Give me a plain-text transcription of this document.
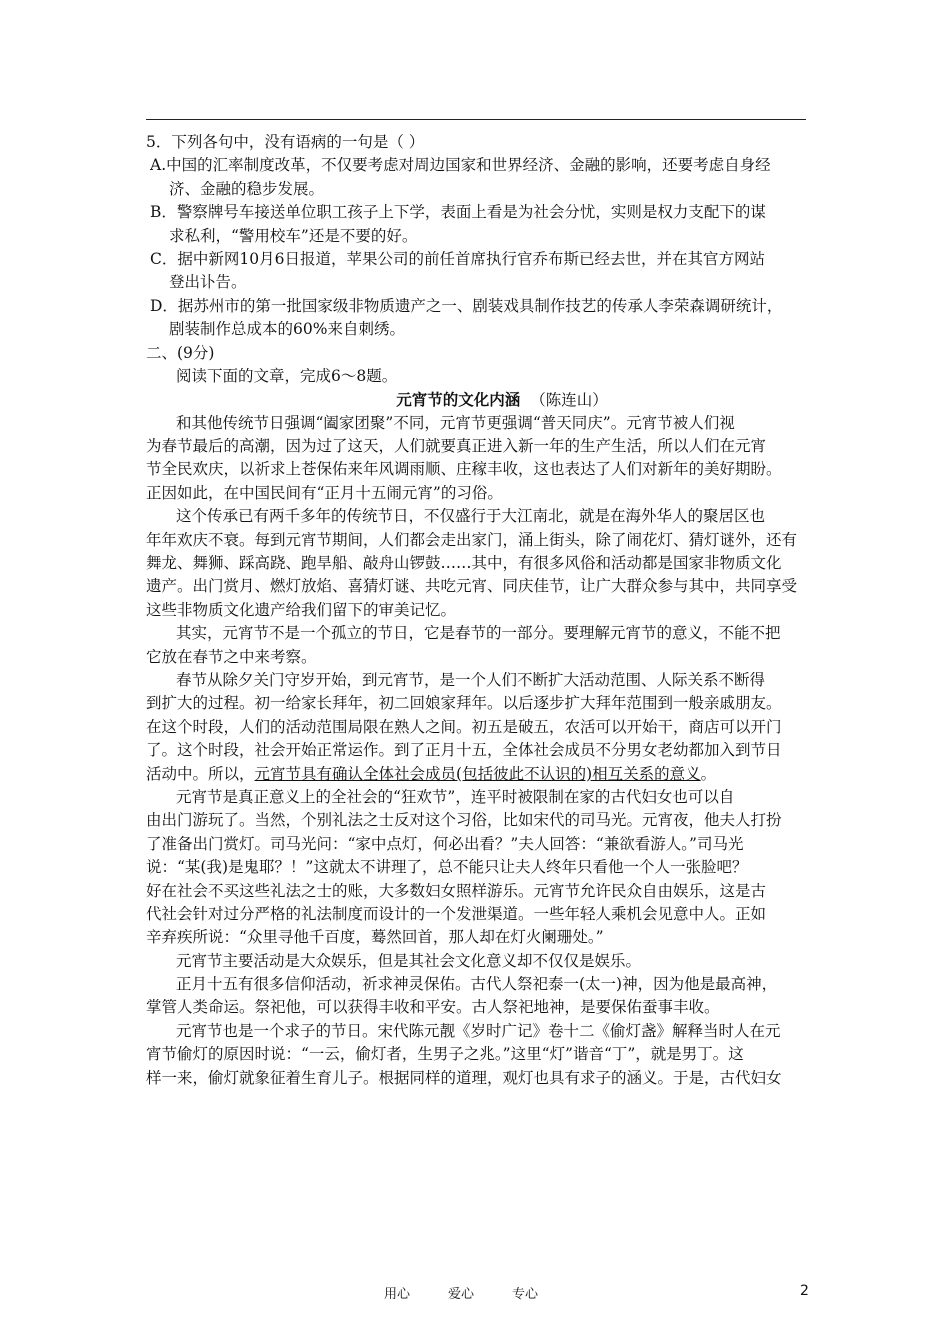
5．下列各句中，没有语病的一句是（ ）
A.中国的汇率制度改革，不仅要考虑对周边国家和世界经济、金融的影响，还要考虑自身经
济、金融的稳步发展。
B．警察牌号车接送单位职工孩子上下学，表面上看是为社会分忧，实则是权力支配下的谋
求私利，“警用校车”还是不要的好。
C．据中新网10月6日报道，苹果公司的前任首席执行官乔布斯已经去世，并在其官方网站
登出讣告。
D．据苏州市的第一批国家级非物质遗产之一、剧装戏具制作技艺的传承人李荣森调研统计，
剧装制作总成本的60%来自刺绣。
二、(9分)
阅读下面的文章，完成6～8题。
元宵节的文化内涵 （陈连山）
和其他传统节日强调“阖家团聚”不同，元宵节更强调“普天同庆”。元宵节被人们视
为春节最后的高潮，因为过了这天，人们就要真正进入新一年的生产生活，所以人们在元宵
节全民欢庆，以祈求上苍保佑来年风调雨顺、庄稼丰收，这也表达了人们对新年的美好期盼。
正因如此，在中国民间有“正月十五闹元宵”的习俗。
这个传承已有两千多年的传统节日，不仅盛行于大江南北，就是在海外华人的聚居区也
年年欢庆不衰。每到元宵节期间，人们都会走出家门，涌上街头，除了闹花灯、猜灯谜外，还有
舞龙、舞狮、踩高跷、跑旱船、敲舟山锣鼓……其中，有很多风俗和活动都是国家非物质文化
遗产。出门赏月、燃灯放焰、喜猜灯谜、共吃元宵、同庆佳节，让广大群众参与其中，共同享受
这些非物质文化遗产给我们留下的审美记忆。
其实，元宵节不是一个孤立的节日，它是春节的一部分。要理解元宵节的意义，不能不把
它放在春节之中来考察。
春节从除夕关门守岁开始，到元宵节，是一个人们不断扩大活动范围、人际关系不断得
到扩大的过程。初一给家长拜年，初二回娘家拜年。以后逐步扩大拜年范围到一般亲戚朋友。
在这个时段，人们的活动范围局限在熟人之间。初五是破五，农活可以开始干，商店可以开门
了。这个时段，社会开始正常运作。到了正月十五，全体社会成员不分男女老幼都加入到节日
活动中。所以，元宵节具有确认全体社会成员(包括彼此不认识的)相互关系的意义。
元宵节是真正意义上的全社会的“狂欢节”，连平时被限制在家的古代妇女也可以自
由出门游玩了。当然，个别礼法之士反对这个习俗，比如宋代的司马光。元宵夜，他夫人打扮
了准备出门赏灯。司马光问：“家中点灯，何必出看？”夫人回答：“兼欲看游人。”司马光
说：“某(我)是鬼耶？！”这就太不讲理了，总不能只让夫人终年只看他一个人一张脸吧？
好在社会不买这些礼法之士的账，大多数妇女照样游乐。元宵节允许民众自由娱乐，这是古
代社会针对过分严格的礼法制度而设计的一个发泄渠道。一些年轻人乘机会见意中人。正如
辛弃疾所说：“众里寻他千百度，蓦然回首，那人却在灯火阑珊处。”
元宵节主要活动是大众娱乐，但是其社会文化意义却不仅仅是娱乐。
正月十五有很多信仰活动，祈求神灵保佑。古代人祭祀泰一(太一)神，因为他是最高神，
掌管人类命运。祭祀他，可以获得丰收和平安。古人祭祀地神，是要保佑蚕事丰收。
元宵节也是一个求子的节日。宋代陈元靓《岁时广记》卷十二《偷灯盏》解释当时人在元
宵节偷灯的原因时说：“一云，偷灯者，生男子之兆。”这里“灯”谐音“丁”，就是男丁。这
样一来，偷灯就象征着生育儿子。根据同样的道理，观灯也具有求子的涵义。于是，古代妇女
用心	爱心	专心	2
